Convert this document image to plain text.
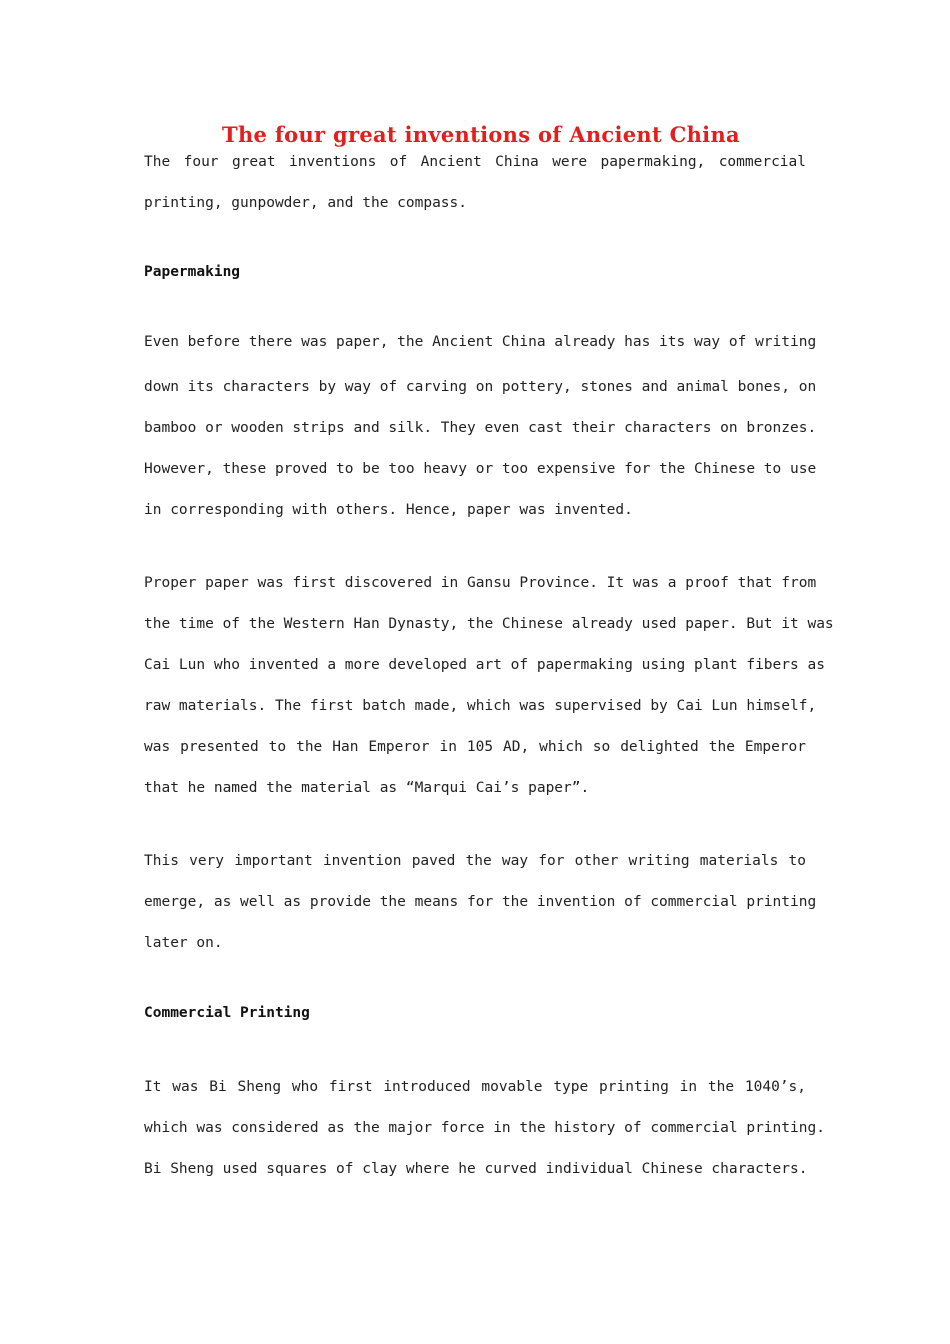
The four great inventions of Ancient China
The four great inventions of Ancient China were papermaking, commercial
printing, gunpowder, and the compass.
Papermaking
Even before there was paper, the Ancient China already has its way of writing
down its characters by way of carving on pottery, stones and animal bones, on
bamboo or wooden strips and silk. They even cast their characters on bronzes.
However, these proved to be too heavy or too expensive for the Chinese to use
in corresponding with others. Hence, paper was invented.
Proper paper was first discovered in Gansu Province. It was a proof that from
the time of the Western Han Dynasty, the Chinese already used paper. But it was
Cai Lun who invented a more developed art of papermaking using plant fibers as
raw materials. The first batch made, which was supervised by Cai Lun himself,
was presented to the Han Emperor in 105 AD, which so delighted the Emperor
that he named the material as “Marqui Cai’s paper”.
This very important invention paved the way for other writing materials to
emerge, as well as provide the means for the invention of commercial printing
later on.
Commercial Printing
It was Bi Sheng who first introduced movable type printing in the 1040’s,
which was considered as the major force in the history of commercial printing.
Bi Sheng used squares of clay where he curved individual Chinese characters.
